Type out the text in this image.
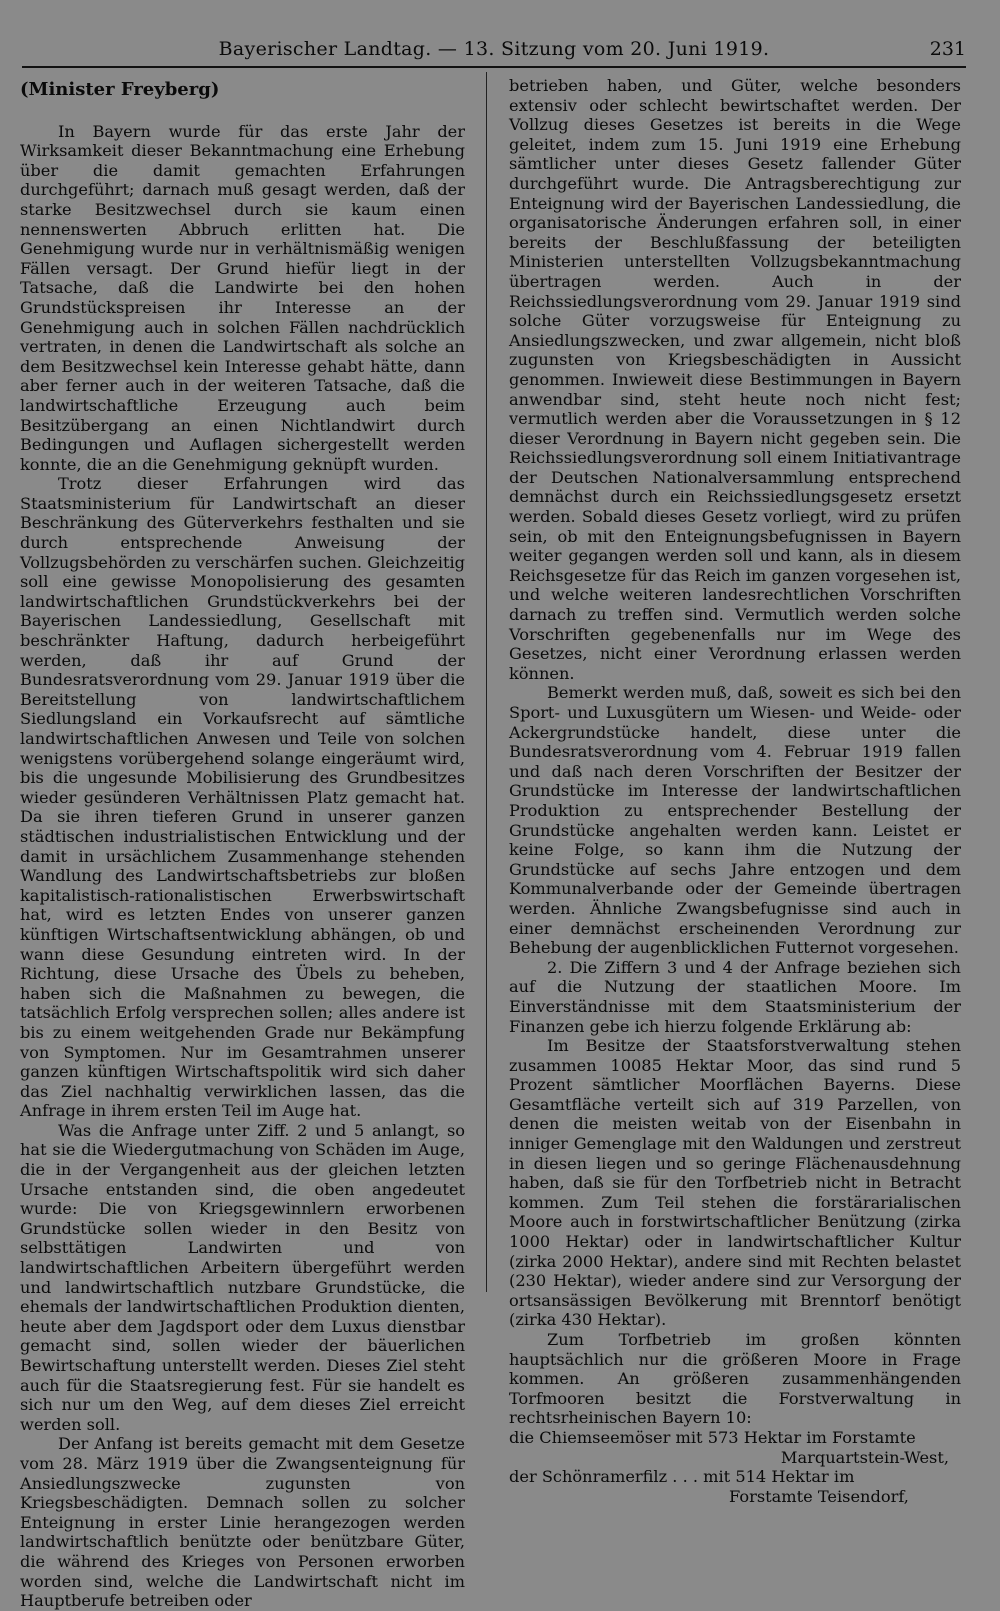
Bayerischer Landtag. — 13. Sitzung vom 20. Juni 1919.	231

(Minister Freyberg)

In Bayern wurde für das erste Jahr der Wirksamkeit dieser Bekanntmachung eine Erhebung über die damit gemachten Erfahrungen durchgeführt; darnach muß gesagt werden, daß der starke Besitzwechsel durch sie kaum einen nennenswerten Abbruch erlitten hat. Die Genehmigung wurde nur in verhältnismäßig wenigen Fällen versagt. Der Grund hiefür liegt in der Tatsache, daß die Landwirte bei den hohen Grundstückspreisen ihr Interesse an der Genehmigung auch in solchen Fällen nachdrücklich vertraten, in denen die Landwirtschaft als solche an dem Besitzwechsel kein Interesse gehabt hätte, dann aber ferner auch in der weiteren Tatsache, daß die landwirtschaftliche Erzeugung auch beim Besitzübergang an einen Nichtlandwirt durch Bedingungen und Auflagen sichergestellt werden konnte, die an die Genehmigung geknüpft wurden.

Trotz dieser Erfahrungen wird das Staatsministerium für Landwirtschaft an dieser Beschränkung des Güterverkehrs festhalten und sie durch entsprechende Anweisung der Vollzugsbehörden zu verschärfen suchen. Gleichzeitig soll eine gewisse Monopolisierung des gesamten landwirtschaftlichen Grundstückverkehrs bei der Bayerischen Landessiedlung, Gesellschaft mit beschränkter Haftung, dadurch herbeigeführt werden, daß ihr auf Grund der Bundesratsverordnung vom 29. Januar 1919 über die Bereitstellung von landwirtschaftlichem Siedlungsland ein Vorkaufsrecht auf sämtliche landwirtschaftlichen Anwesen und Teile von solchen wenigstens vorübergehend solange eingeräumt wird, bis die ungesunde Mobilisierung des Grundbesitzes wieder gesünderen Verhältnissen Platz gemacht hat. Da sie ihren tieferen Grund in unserer ganzen städtischen industrialistischen Entwicklung und der damit in ursächlichem Zusammenhange stehenden Wandlung des Landwirtschaftsbetriebs zur bloßen kapitalistisch-rationalistischen Erwerbswirtschaft hat, wird es letzten Endes von unserer ganzen künftigen Wirtschaftsentwicklung abhängen, ob und wann diese Gesundung eintreten wird. In der Richtung, diese Ursache des Übels zu beheben, haben sich die Maßnahmen zu bewegen, die tatsächlich Erfolg versprechen sollen; alles andere ist bis zu einem weitgehenden Grade nur Bekämpfung von Symptomen. Nur im Gesamtrahmen unserer ganzen künftigen Wirtschaftspolitik wird sich daher das Ziel nachhaltig verwirklichen lassen, das die Anfrage in ihrem ersten Teil im Auge hat.

Was die Anfrage unter Ziff. 2 und 5 anlangt, so hat sie die Wiedergutmachung von Schäden im Auge, die in der Vergangenheit aus der gleichen letzten Ursache entstanden sind, die oben angedeutet wurde: Die von Kriegsgewinnlern erworbenen Grundstücke sollen wieder in den Besitz von selbsttätigen Landwirten und von landwirtschaftlichen Arbeitern übergeführt werden und landwirtschaftlich nutzbare Grundstücke, die ehemals der landwirtschaftlichen Produktion dienten, heute aber dem Jagdsport oder dem Luxus dienstbar gemacht sind, sollen wieder der bäuerlichen Bewirtschaftung unterstellt werden. Dieses Ziel steht auch für die Staatsregierung fest. Für sie handelt es sich nur um den Weg, auf dem dieses Ziel erreicht werden soll.

Der Anfang ist bereits gemacht mit dem Gesetze vom 28. März 1919 über die Zwangsenteignung für Ansiedlungszwecke zugunsten von Kriegsbeschädigten. Demnach sollen zu solcher Enteignung in erster Linie herangezogen werden landwirtschaftlich benützte oder benützbare Güter, die während des Krieges von Personen erworben worden sind, welche die Landwirtschaft nicht im Hauptberufe betreiben oder

betrieben haben, und Güter, welche besonders extensiv oder schlecht bewirtschaftet werden. Der Vollzug dieses Gesetzes ist bereits in die Wege geleitet, indem zum 15. Juni 1919 eine Erhebung sämtlicher unter dieses Gesetz fallender Güter durchgeführt wurde. Die Antragsberechtigung zur Enteignung wird der Bayerischen Landessiedlung, die organisatorische Änderungen erfahren soll, in einer bereits der Beschlußfassung der beteiligten Ministerien unterstellten Vollzugsbekanntmachung übertragen werden. Auch in der Reichssiedlungsverordnung vom 29. Januar 1919 sind solche Güter vorzugsweise für Enteignung zu Ansiedlungszwecken, und zwar allgemein, nicht bloß zugunsten von Kriegsbeschädigten in Aussicht genommen. Inwieweit diese Bestimmungen in Bayern anwendbar sind, steht heute noch nicht fest; vermutlich werden aber die Voraussetzungen in § 12 dieser Verordnung in Bayern nicht gegeben sein. Die Reichssiedlungsverordnung soll einem Initiativantrage der Deutschen Nationalversammlung entsprechend demnächst durch ein Reichssiedlungsgesetz ersetzt werden. Sobald dieses Gesetz vorliegt, wird zu prüfen sein, ob mit den Enteignungsbefugnissen in Bayern weiter gegangen werden soll und kann, als in diesem Reichsgesetze für das Reich im ganzen vorgesehen ist, und welche weiteren landesrechtlichen Vorschriften darnach zu treffen sind. Vermutlich werden solche Vorschriften gegebenenfalls nur im Wege des Gesetzes, nicht einer Verordnung erlassen werden können.

Bemerkt werden muß, daß, soweit es sich bei den Sport- und Luxusgütern um Wiesen- und Weide- oder Ackergrundstücke handelt, diese unter die Bundesratsverordnung vom 4. Februar 1919 fallen und daß nach deren Vorschriften der Besitzer der Grundstücke im Interesse der landwirtschaftlichen Produktion zu entsprechender Bestellung der Grundstücke angehalten werden kann. Leistet er keine Folge, so kann ihm die Nutzung der Grundstücke auf sechs Jahre entzogen und dem Kommunalverbande oder der Gemeinde übertragen werden. Ähnliche Zwangsbefugnisse sind auch in einer demnächst erscheinenden Verordnung zur Behebung der augenblicklichen Futternot vorgesehen.

2. Die Ziffern 3 und 4 der Anfrage beziehen sich auf die Nutzung der staatlichen Moore. Im Einverständnisse mit dem Staatsministerium der Finanzen gebe ich hierzu folgende Erklärung ab:

Im Besitze der Staatsforstverwaltung stehen zusammen 10085 Hektar Moor, das sind rund 5 Prozent sämtlicher Moorflächen Bayerns. Diese Gesamtfläche verteilt sich auf 319 Parzellen, von denen die meisten weitab von der Eisenbahn in inniger Gemenglage mit den Waldungen und zerstreut in diesen liegen und so geringe Flächenausdehnung haben, daß sie für den Torfbetrieb nicht in Betracht kommen. Zum Teil stehen die forstärarialischen Moore auch in forstwirtschaftlicher Benützung (zirka 1000 Hektar) oder in landwirtschaftlicher Kultur (zirka 2000 Hektar), andere sind mit Rechten belastet (230 Hektar), wieder andere sind zur Versorgung der ortsansässigen Bevölkerung mit Brenntorf benötigt (zirka 430 Hektar).

Zum Torfbetrieb im großen könnten hauptsächlich nur die größeren Moore in Frage kommen. An größeren zusammenhängenden Torfmooren besitzt die Forstverwaltung in rechtsrheinischen Bayern 10:

die Chiemseemöser mit 573 Hektar im Forstamte

Marquartstein-West,

der Schönramerfilz . . . mit 514 Hektar im

Forstamte Teisendorf,
